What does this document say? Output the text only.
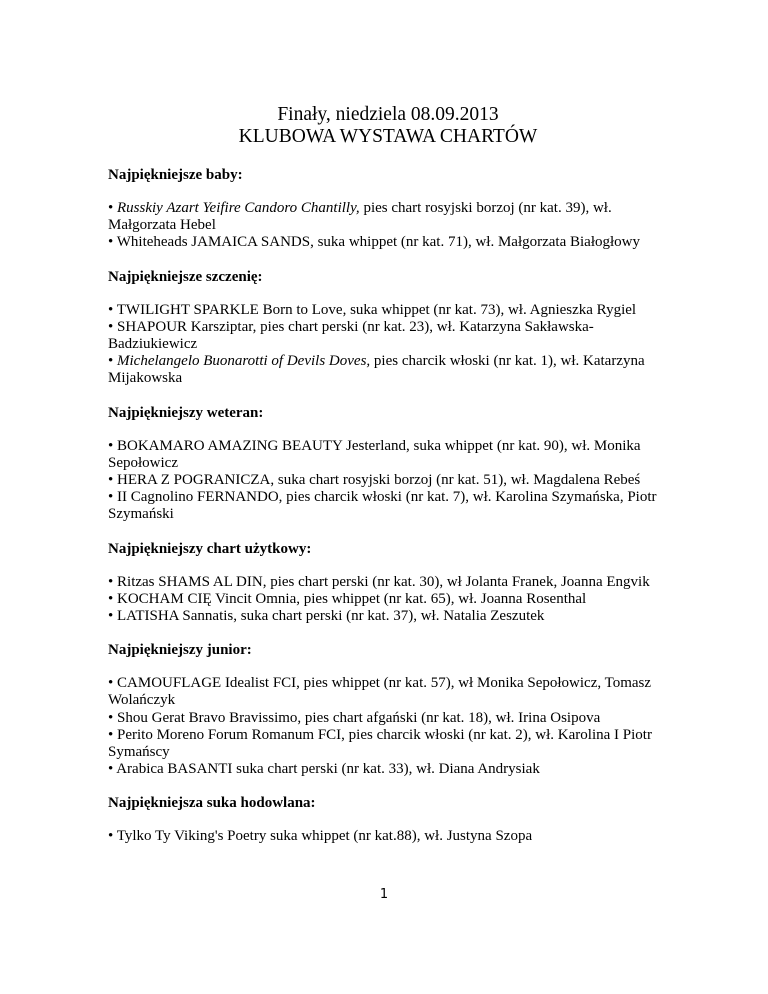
Finały, niedziela 08.09.2013

KLUBOWA WYSTAWA CHARTÓW

Najpiękniejsze baby:

• Russkiy Azart Yeifire Candoro Chantilly, pies chart rosyjski borzoj (nr kat. 39), wł. Małgorzata Hebel
• Whiteheads JAMAICA SANDS, suka whippet (nr kat. 71), wł. Małgorzata Białogłowy

Najpiękniejsze szczenię:

• TWILIGHT SPARKLE Born to Love, suka whippet (nr kat. 73), wł. Agnieszka Rygiel
• SHAPOUR Karsziptar, pies chart perski (nr kat. 23), wł. Katarzyna Sakławska-Badziukiewicz
• Michelangelo Buonarotti of Devils Doves, pies charcik włoski (nr kat. 1), wł. Katarzyna Mijakowska

Najpiękniejszy weteran:

• BOKAMARO AMAZING BEAUTY Jesterland, suka whippet (nr kat. 90), wł. Monika Sepołowicz
• HERA Z POGRANICZA, suka chart rosyjski borzoj (nr kat. 51), wł. Magdalena Rebeś
• II Cagnolino FERNANDO, pies charcik włoski (nr kat. 7), wł. Karolina Szymańska, Piotr Szymański

Najpiękniejszy chart użytkowy:

• Ritzas SHAMS AL DIN, pies chart perski (nr kat. 30), wł Jolanta Franek, Joanna Engvik
• KOCHAM CIĘ Vincit Omnia, pies whippet (nr kat. 65), wł. Joanna Rosenthal
• LATISHA Sannatis, suka chart perski (nr kat. 37), wł. Natalia Zeszutek

Najpiękniejszy junior:

• CAMOUFLAGE Idealist FCI, pies whippet (nr kat. 57), wł Monika Sepołowicz, Tomasz Wolańczyk
• Shou Gerat Bravo Bravissimo, pies chart afgański (nr kat. 18), wł. Irina Osipova
• Perito Moreno Forum Romanum FCI, pies charcik włoski (nr kat. 2), wł. Karolina I Piotr Symańscy
• Arabica BASANTI suka chart perski (nr kat. 33), wł. Diana Andrysiak

Najpiękniejsza suka hodowlana:

• Tylko Ty Viking's Poetry suka whippet (nr kat.88), wł. Justyna Szopa
1
